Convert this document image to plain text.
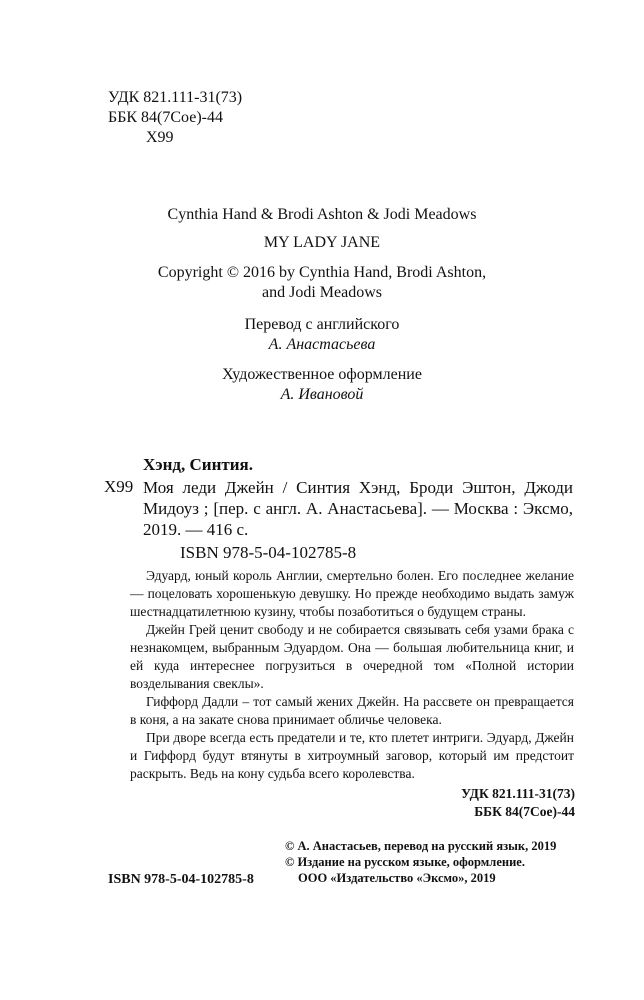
УДК 821.111-31(73)
ББК 84(7Сое)-44
Х99
Cynthia Hand & Brodi Ashton & Jodi Meadows
MY LADY JANE
Copyright © 2016 by Cynthia Hand, Brodi Ashton,
and Jodi Meadows
Перевод с английского
А. Анастасьева
Художественное оформление
А. Ивановой
Хэнд, Синтия.
Х99 Моя леди Джейн / Синтия Хэнд, Броди Эштон, Джоди Мидоуз ; [пер. с англ. А. Анастасьева]. — Москва : Эксмо, 2019. — 416 с.
ISBN 978-5-04-102785-8

Эдуард, юный король Англии, смертельно болен. Его последнее желание — поцеловать хорошенькую девушку. Но прежде необходимо выдать замуж шестнадцатилетнюю кузину, чтобы позаботиться о будущем страны.

Джейн Грей ценит свободу и не собирается связывать себя узами брака с незнакомцем, выбранным Эдуардом. Она — большая любительница книг, и ей куда интереснее погрузиться в очередной том «Полной истории возделывания свеклы».

Гиффорд Дадли – тот самый жених Джейн. На рассвете он превращается в коня, а на закате снова принимает обличье человека.

При дворе всегда есть предатели и те, кто плетет интриги. Эдуард, Джейн и Гиффорд будут втянуты в хитроумный заговор, который им предстоит раскрыть. Ведь на кону судьба всего королевства.

УДК 821.111-31(73)
ББК 84(7Сое)-44
ISBN 978-5-04-102785-8
© А. Анастасьев, перевод на русский язык, 2019
© Издание на русском языке, оформление.
ООО «Издательство «Эксмо», 2019
